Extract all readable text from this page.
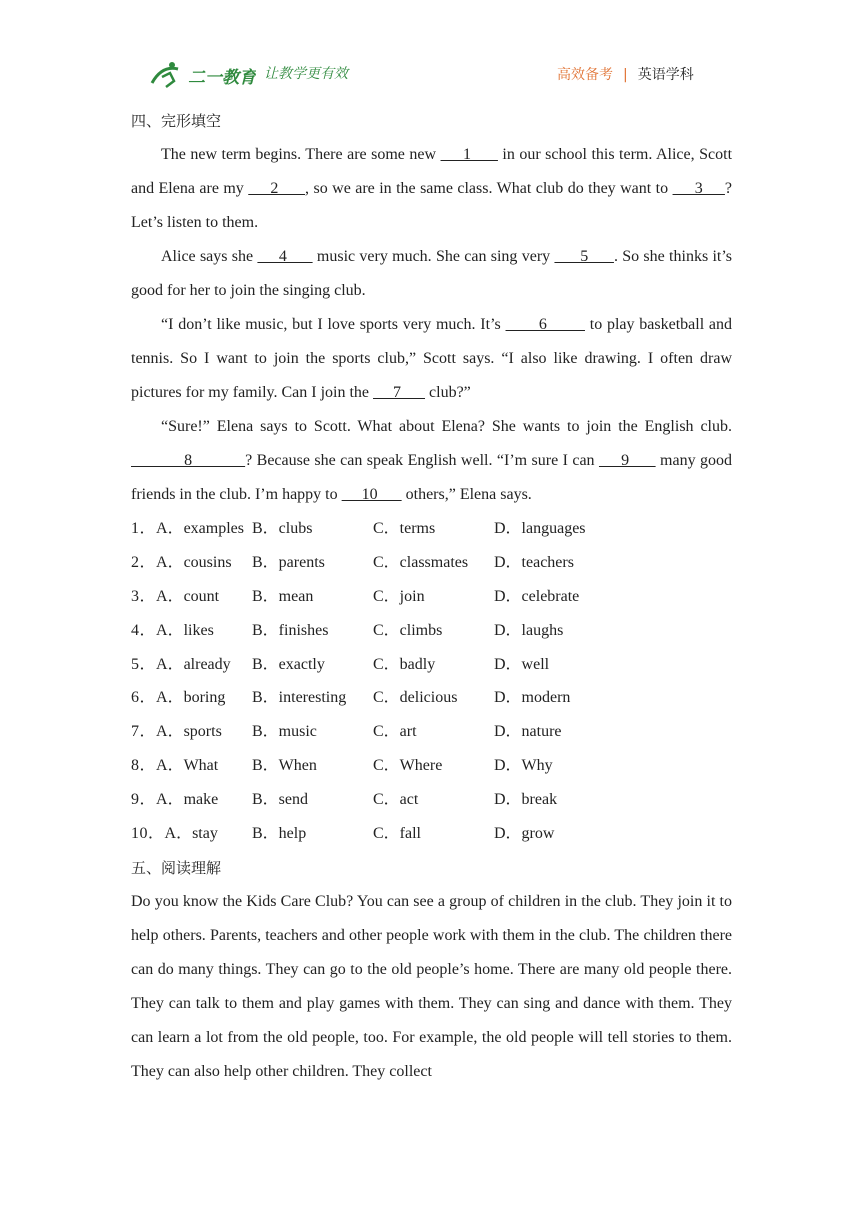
二一教育 让教学更有效	高效备考 | 英语学科
四、完形填空

The new term begins. There are some new      1       in our school this term. Alice, Scott and Elena are my      2      , so we are in the same class. What club do they want to      3     ? Let’s listen to them.

Alice says she      4       music very much. She can sing very       5      . So she thinks it’s good for her to join the singing club.

“I don’t like music, but I love sports very much. It’s        6         to play basketball and tennis. So I want to join the sports club,” Scott says. “I also like drawing. I often draw pictures for my family. Can I join the      7       club?”

“Sure!” Elena says to Scott. What about Elena? She wants to join the English club.             8            ? Because she can speak English well. “I’m sure I can      9       many good friends in the club. I’m happy to      10       others,” Elena says.

1．A．examples B．clubs	C．terms	D．languages
2．A．cousins	B．parents	C．classmates	D．teachers
3．A．count	B．mean	C．join	D．celebrate
4．A．likes	B．finishes	C．climbs	D．laughs
5．A．already	B．exactly	C．badly	D．well
6．A．boring	B．interesting	C．delicious	D．modern
7．A．sports	B．music	C．art	D．nature
8．A．What	B．When	C．Where	D．Why
9．A．make	B．send	C．act	D．break
10．A．stay	B．help	C．fall	D．grow
五、阅读理解

Do you know the Kids Care Club? You can see a group of children in the club. They join it to help others. Parents, teachers and other people work with them in the club. The children there can do many things. They can go to the old people’s home. There are many old people there. They can talk to them and play games with them. They can sing and dance with them. They can learn a lot from the old people, too. For example, the old people will tell stories to them. They can also help other children. They collect
